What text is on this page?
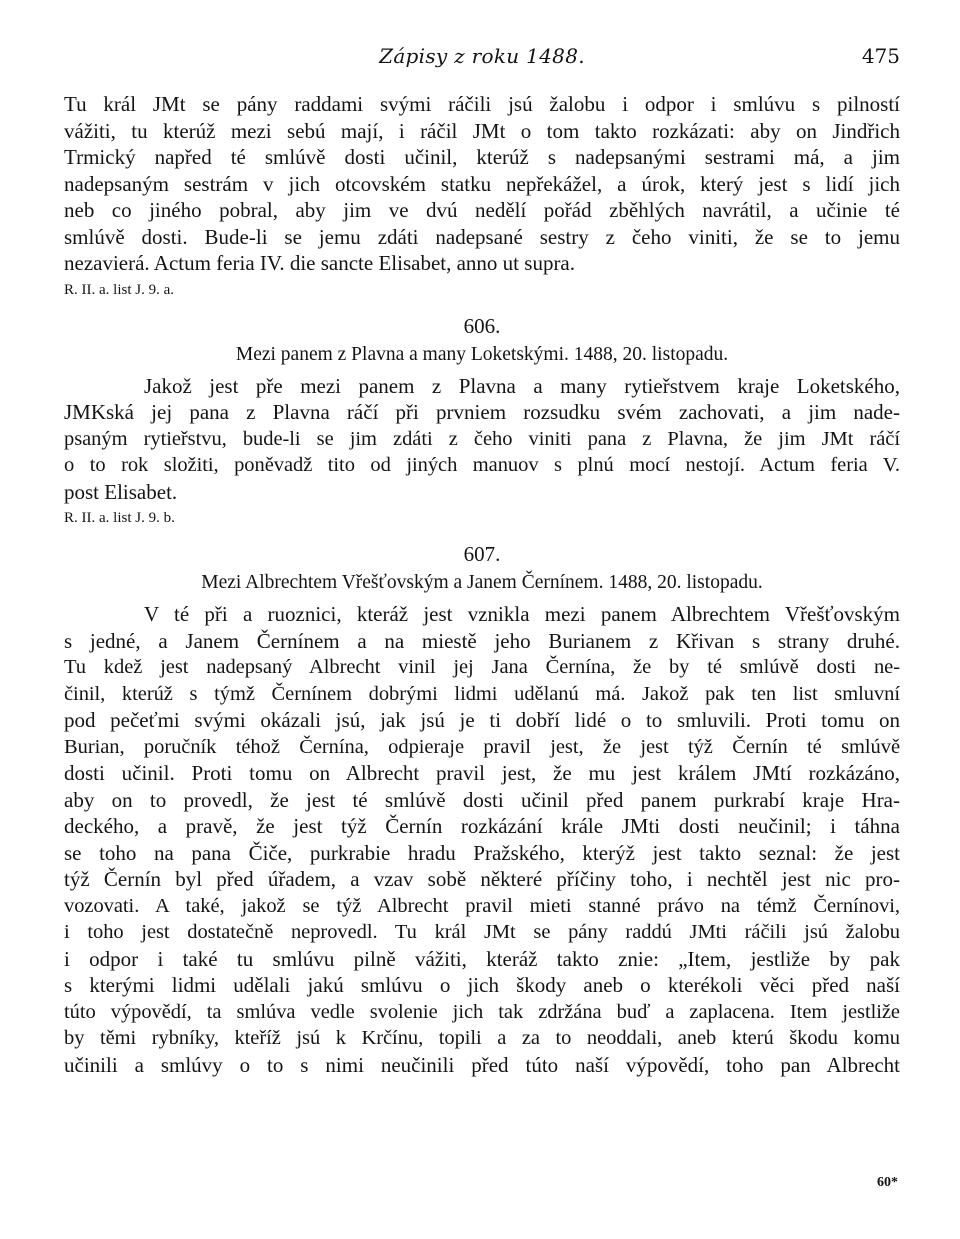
Zápisy z roku 1488.	475
Tu král JMt se pány raddami svými ráčili jsú žalobu i odpor i smlúvu s pilností
vážiti, tu kterúž mezi sebú mají, i ráčil JMt o tom takto rozkázati: aby on Jindřich
Trmický napřed té smlúvě dosti učinil, kterúž s nadepsanými sestrami má, a jim
nadepsaným sestrám v jich otcovském statku nepřekážel, a úrok, který jest s lidí jich
neb co jiného pobral, aby jim ve dvú nedělí pořád zběhlých navrátil, a učinie té
smlúvě dosti. Bude-li se jemu zdáti nadepsané sestry z čeho viniti, že se to jemu
nezavierá. Actum feria IV. die sancte Elisabet, anno ut supra.
R. II. a. list J. 9. a.
606.
Mezi panem z Plavna a many Loketskými. 1488, 20. listopadu.
Jakož jest pře mezi panem z Plavna a many rytieřstvem kraje Loketského,
JMKská jej pana z Plavna ráčí při prvniem rozsudku svém zachovati, a jim nade-
psaným rytieřstvu, bude-li se jim zdáti z čeho viniti pana z Plavna, že jim JMt ráčí
o to rok složiti, poněvadž tito od jiných manuov s plnú mocí nestojí. Actum feria V.
post Elisabet.
R. II. a. list J. 9. b.
607.
Mezi Albrechtem Vřešťovským a Janem Černínem. 1488, 20. listopadu.
V té při a ruoznici, kteráž jest vznikla mezi panem Albrechtem Vřešťovským
s jedné, a Janem Černínem a na miestě jeho Burianem z Křivan s strany druhé.
Tu kdež jest nadepsaný Albrecht vinil jej Jana Černína, že by té smlúvě dosti ne-
činil, kterúž s týmž Černínem dobrými lidmi udělanú má. Jakož pak ten list smluvní
pod pečeťmi svými okázali jsú, jak jsú je ti dobří lidé o to smluvili. Proti tomu on
Burian, poručník téhož Černína, odpieraje pravil jest, že jest týž Černín té smlúvě
dosti učinil. Proti tomu on Albrecht pravil jest, že mu jest králem JMtí rozkázáno,
aby on to provedl, že jest té smlúvě dosti učinil před panem purkrabí kraje Hra-
deckého, a pravě, že jest týž Černín rozkázání krále JMti dosti neučinil; i táhna
se toho na pana Čiče, purkrabie hradu Pražského, kterýž jest takto seznal: že jest
týž Černín byl před úřadem, a vzav sobě některé příčiny toho, i nechtěl jest nic pro-
vozovati. A také, jakož se týž Albrecht pravil mieti stanné právo na témž Černínovi,
i toho jest dostatečně neprovedl. Tu král JMt se pány raddú JMti ráčili jsú žalobu
i odpor i také tu smlúvu pilně vážiti, kteráž takto znie: „Item, jestliže by pak
s kterými lidmi udělali jakú smlúvu o jich škody aneb o kterékoli věci před naší
túto výpovědí, ta smlúva vedle svolenie jich tak zdržána buď a zaplacena. Item jestliže
by těmi rybníky, kteříž jsú k Krčínu, topili a za to neoddali, aneb kterú škodu komu
učinili a smlúvy o to s nimi neučinili před túto naší výpovědí, toho pan Albrecht
60*
